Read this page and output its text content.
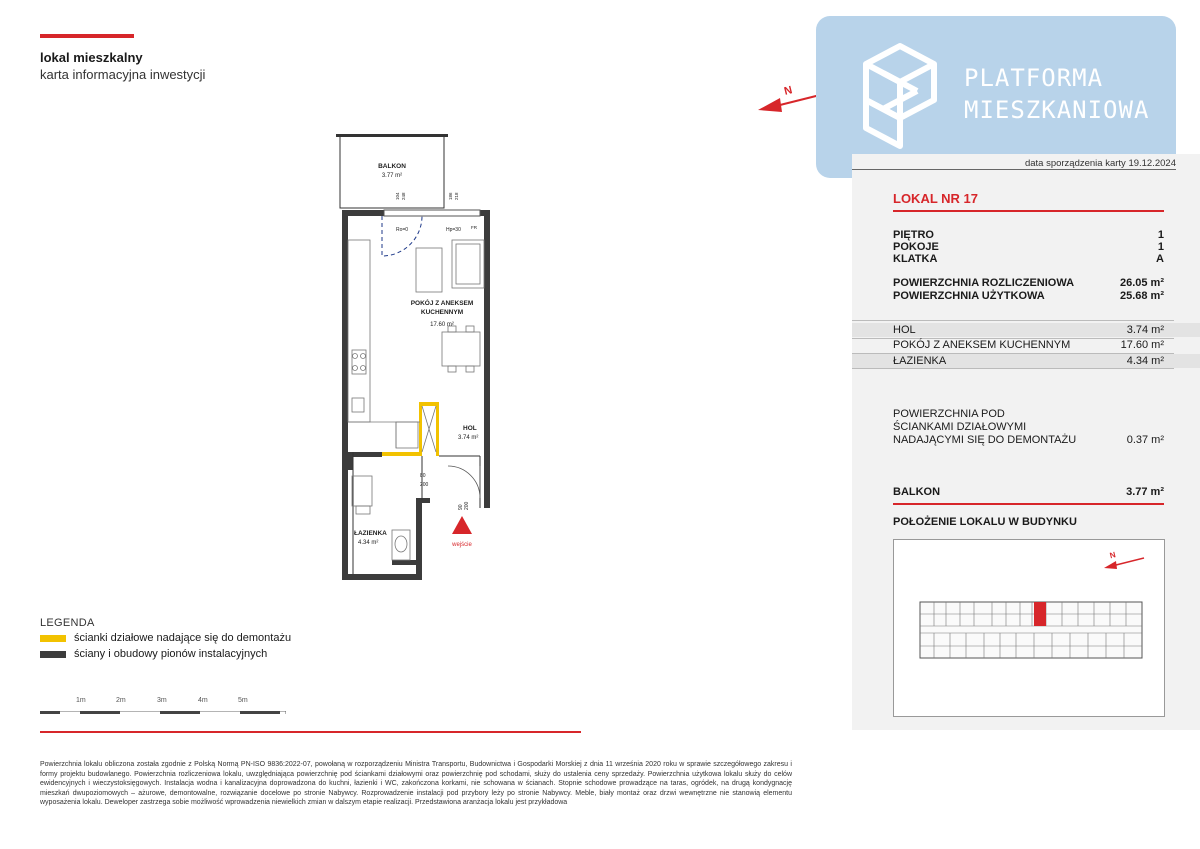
lokal mieszkalny
karta informacyjna inwestycji
N	PLATFORMA
MIESZKANIOWA
data sporządzenia karty 19.12.2024
LOKAL NR 17
PIĘTRO	1
POKOJE	1
KLATKA	A
POWIERZCHNIA ROZLICZENIOWA	26.05 m²
POWIERZCHNIA UŻYTKOWA	25.68 m²
HOL	3.74 m²
POKÓJ Z ANEKSEM KUCHENNYM	17.60 m²
ŁAZIENKA	4.34 m²
POWIERZCHNIA POD
ŚCIANKAMI DZIAŁOWYMI
NADAJĄCYMI SIĘ DO DEMONTAŻU	0.37 m²
BALKON	3.77 m²
POŁOŻENIE LOKALU W BUDYNKU
N
BALKON
3.77 m²
104 248	186 218
Ro=0	Hp=30 FR
POKÓJ Z ANEKSEM
KUCHENNYM
17.60 m²
HOL
3.74 m²
80
200
90 200
wejście
ŁAZIENKA
4.34 m²
LEGENDA
ścianki działowe nadające się do demontażu
ściany i obudowy pionów instalacyjnych
1m	2m	3m	4m	5m
Powierzchnia lokalu obliczona została zgodnie z Polską Normą PN-ISO 9836:2022-07, powołaną w rozporządzeniu Ministra Transportu, Budownictwa i Gospodarki Morskiej z dnia 11 września 2020 roku w sprawie szczegółowego zakresu i formy projektu budowlanego. Powierzchnia rozliczeniowa lokalu, uwzględniająca powierzchnię pod ściankami działowymi oraz powierzchnię pod schodami, służy do ustalenia ceny sprzedaży. Powierzchnia użytkowa lokalu służy do celów ewidencyjnych i wieczystoksięgowych. Instalacja wodna i kanalizacyjna doprowadzona do kuchni, łazienki i WC, zakończona korkami, nie schowana w ścianach. Stopnie schodowe prowadzące na taras, ogródek, na drugą kondygnację mieszkań dwupoziomowych – ażurowe, demontowalne, rozwiązanie docelowe po stronie Nabywcy. Rozprowadzenie instalacji pod przybory leży po stronie Nabywcy. Meble, biały montaż oraz drzwi wewnętrzne nie stanowią elementu wyposażenia lokalu. Deweloper zastrzega sobie możliwość wprowadzenia niewielkich zmian w dalszym etapie realizacji. Przedstawiona aranżacja lokalu jest przykładowa
